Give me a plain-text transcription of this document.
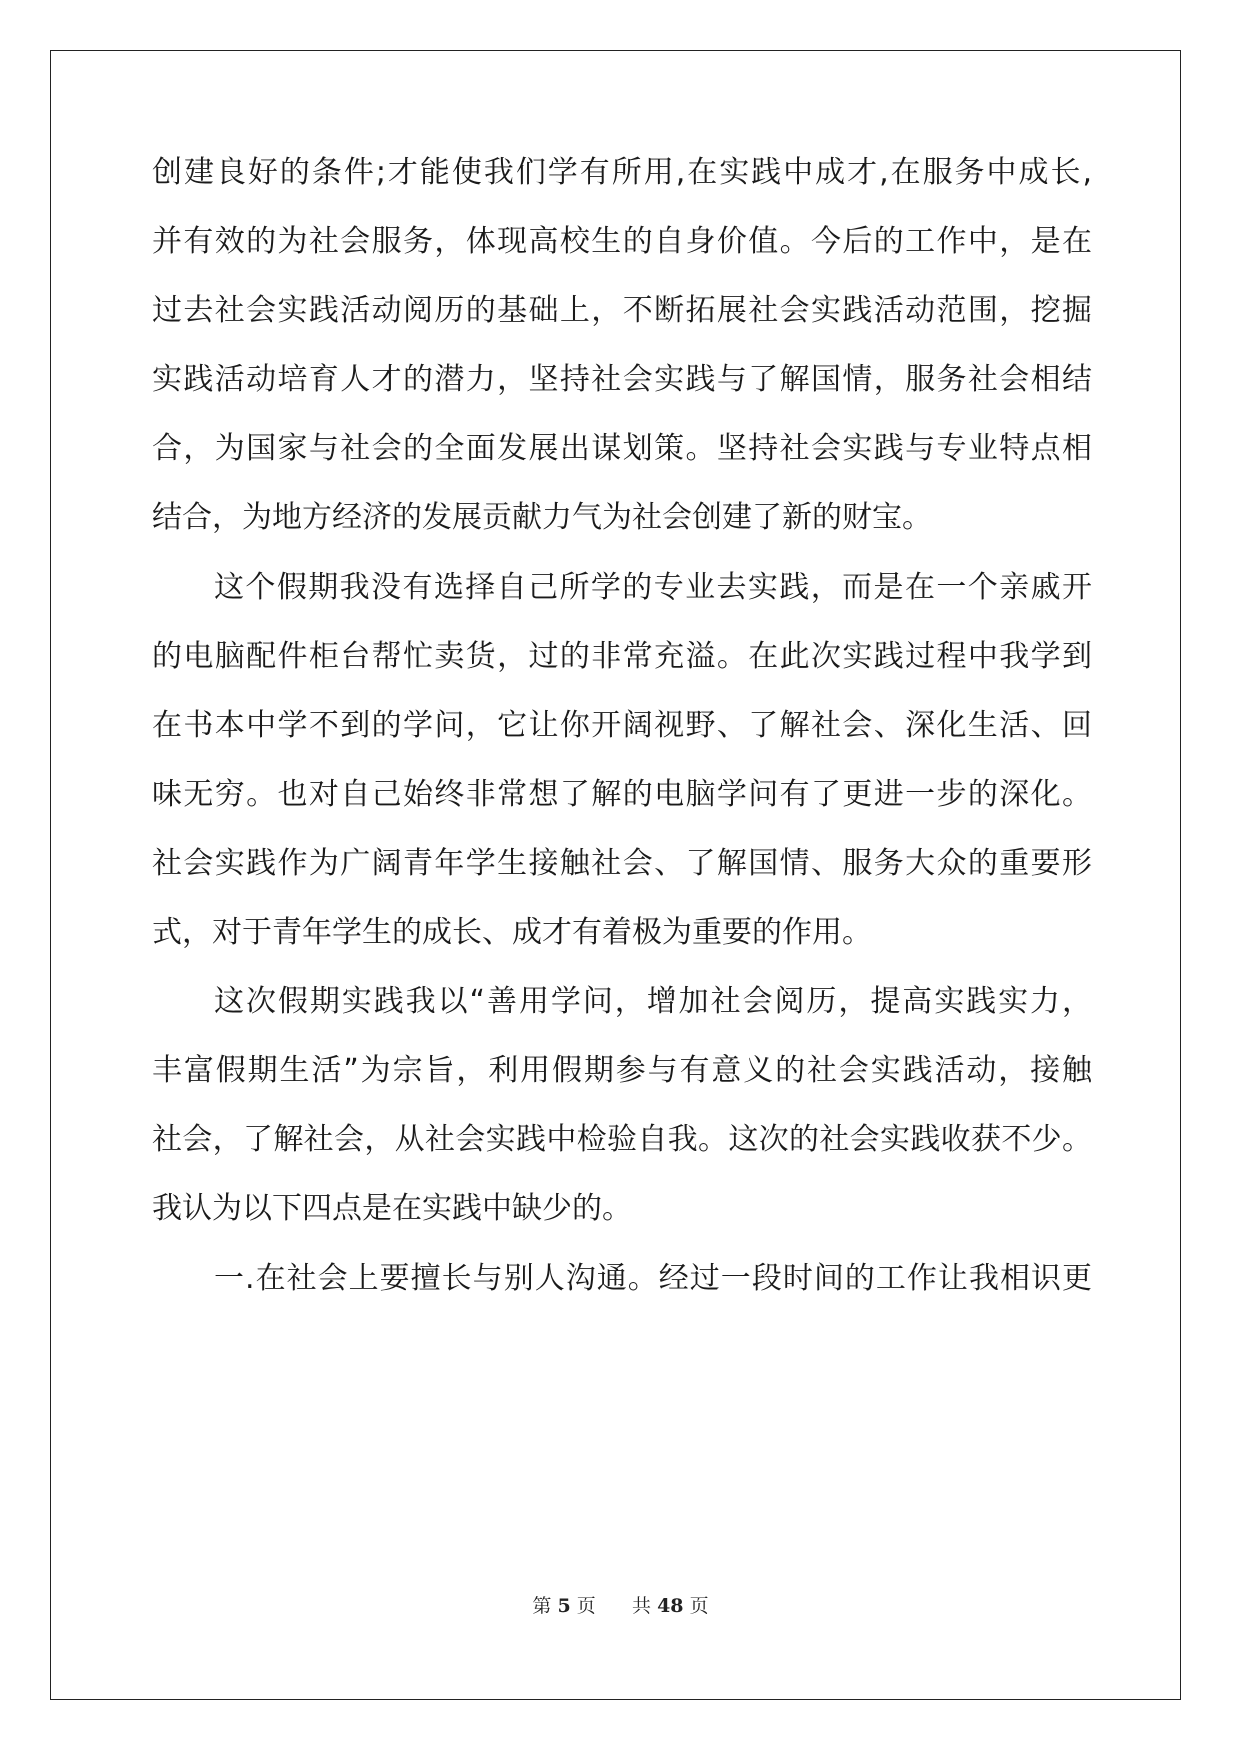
创建良好的条件;才能使我们学有所用,在实践中成才,在服务中成长,
并有效的为社会服务，体现高校生的自身价值。今后的工作中，是在
过去社会实践活动阅历的基础上，不断拓展社会实践活动范围，挖掘
实践活动培育人才的潜力，坚持社会实践与了解国情，服务社会相结
合，为国家与社会的全面发展出谋划策。坚持社会实践与专业特点相
结合，为地方经济的发展贡献力气为社会创建了新的财宝。
这个假期我没有选择自己所学的专业去实践，而是在一个亲戚开
的电脑配件柜台帮忙卖货，过的非常充溢。在此次实践过程中我学到
在书本中学不到的学问，它让你开阔视野、了解社会、深化生活、回
味无穷。也对自己始终非常想了解的电脑学问有了更进一步的深化。
社会实践作为广阔青年学生接触社会、了解国情、服务大众的重要形
式，对于青年学生的成长、成才有着极为重要的作用。
这次假期实践我以“善用学问，增加社会阅历，提高实践实力，
丰富假期生活”为宗旨，利用假期参与有意义的社会实践活动，接触
社会，了解社会，从社会实践中检验自我。这次的社会实践收获不少。
我认为以下四点是在实践中缺少的。
一.在社会上要擅长与别人沟通。经过一段时间的工作让我相识更
第 5 页 共 48 页
